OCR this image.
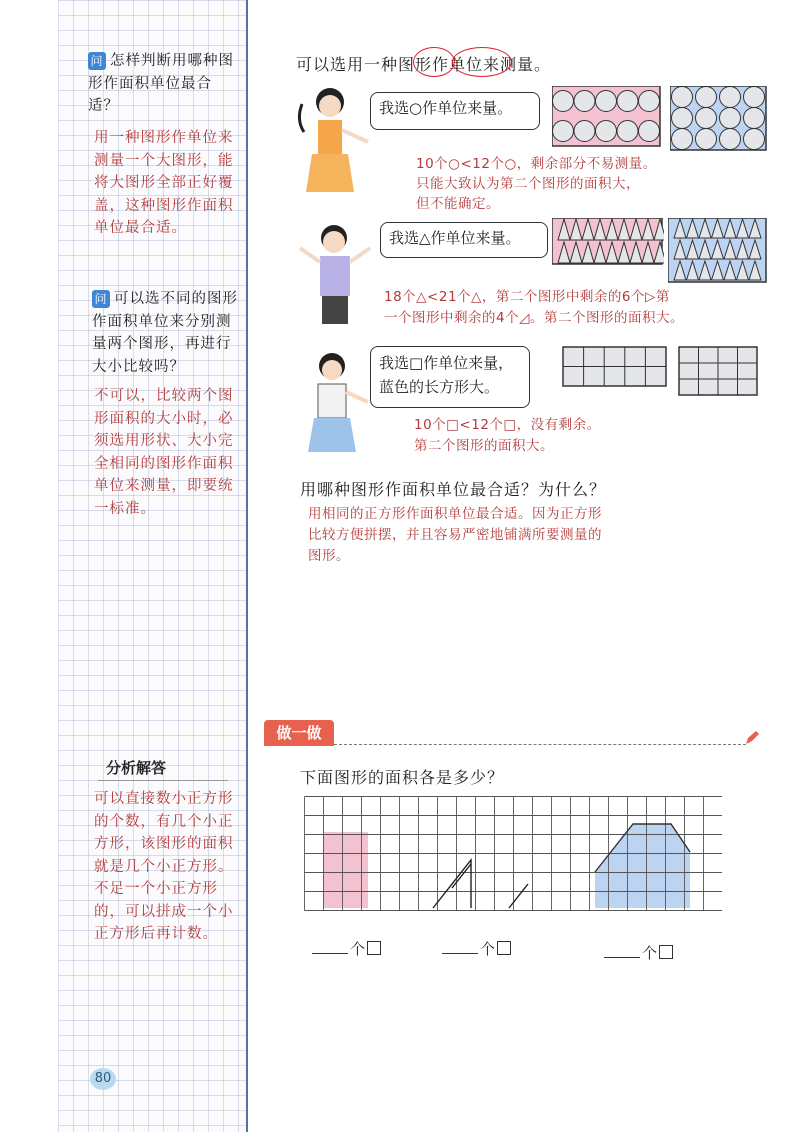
问 怎样判断用哪种图形作面积单位最合适？
用一种图形作单位来测量一个大图形，能将大图形全部正好覆盖，这种图形作面积单位最合适。
问 可以选不同的图形作面积单位来分别测量两个图形，再进行大小比较吗？
不可以，比较两个图形面积的大小时，必须选用形状、大小完全相同的图形作面积单位来测量，即要统一标准。
分析解答
可以直接数小正方形的个数，有几个小正方形，该图形的面积就是几个小正方形。不足一个小正方形的，可以拼成一个小正方形后再计数。
80
可以选用一种图形作单位来测量。
我选○作单位来量。
10个○<12个○，剩余部分不易测量。
只能大致认为第二个图形的面积大，
但不能确定。
我选△作单位来量。
18个△<21个△，第二个图形中剩余的6个▷第
一个图形中剩余的4个◿。第二个图形的面积大。
我选□作单位来量，
蓝色的长方形大。
10个□<12个□，没有剩余。
第二个图形的面积大。
用哪种图形作面积单位最合适？为什么？
用相同的正方形作面积单位最合适。因为正方形
比较方便拼摆，并且容易严密地铺满所要测量的
图形。
做一做
下面图形的面积各是多少？
个	个	个
